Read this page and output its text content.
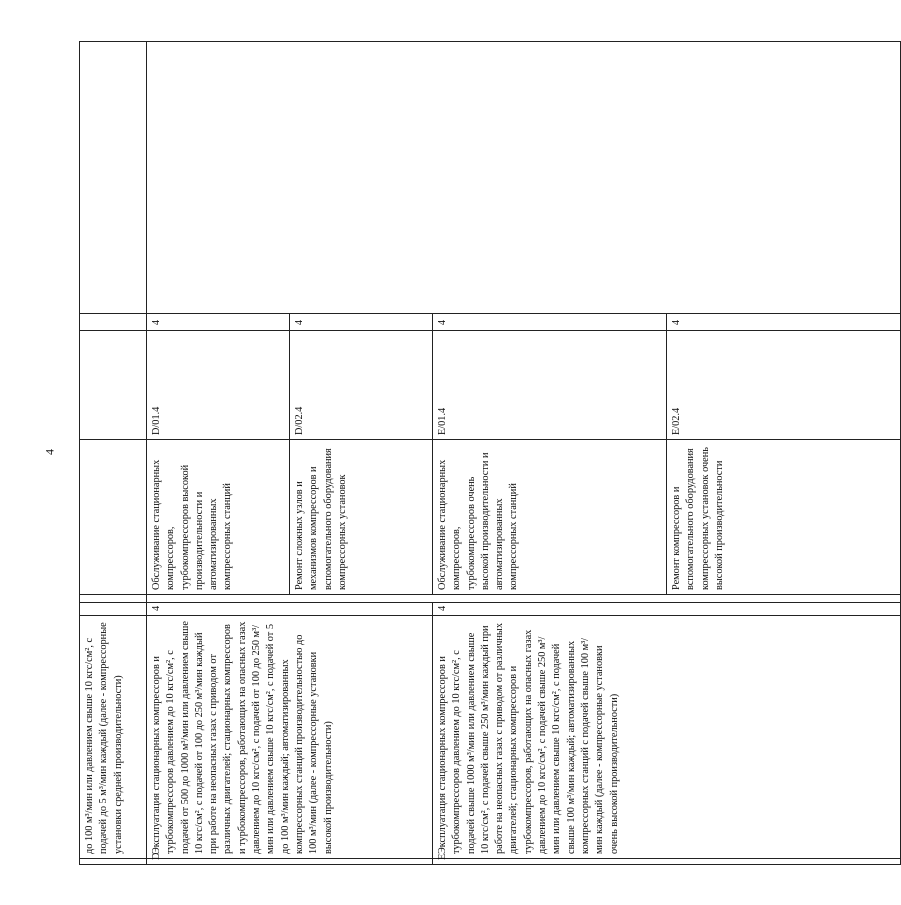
4
	до 100 м³/мин или давлением свыше 10 кгс/см², с подачей до 5 м³/мин каждый (далее - компрессорные установки средней производительности)						
D	Эксплуатация стационарных компрессоров и турбокомпрессоров давлением до 10 кгс/см², с подачей от 500 до 1000 м³/мин или давлением свыше 10 кгс/см², с подачей от 100 до 250 м³/мин каждый при работе на неопасных газах с приводом от различных двигателей; стационарных компрессоров и турбокомпрессоров, работающих на опасных газах давлением до 10 кгс/см², с подачей от 100 до 250 м³/мин или давлением свыше 10 кгс/см², с подачей от 5 до 100 м³/мин каждый; автоматизированных компрессорных станций производительностью до 100 м³/мин (далее - компрессорные установки высокой производительности)	4		Обслуживание стационарных компрессоров, турбокомпрессоров высокой производительности и автоматизированных компрессорных станций	D/01.4	4	
				Ремонт сложных узлов и механизмов компрессоров и вспомогательного оборудования компрессорных установок	D/02.4	4	
E	Эксплуатация стационарных компрессоров и турбокомпрессоров давлением до 10 кгс/см², с подачей свыше 1000 м³/мин или давлением свыше 10 кгс/см², с подачей свыше 250 м³/мин каждый при работе на неопасных газах с приводом от различных двигателей; стационарных компрессоров и турбокомпрессоров, работающих на опасных газах давлением до 10 кгс/см², с подачей свыше 250 м³/мин или давлением свыше 10 кгс/см², с подачей свыше 100 м³/мин каждый; автоматизированных компрессорных станций с подачей свыше 100 м³/мин каждый (далее - компрессорные установки очень высокой производительности)	4		Обслуживание стационарных компрессоров, турбокомпрессоров очень высокой производительности и автоматизированных компрессорных станций	E/01.4	4	
				Ремонт компрессоров и вспомогательного оборудования компрессорных установок очень высокой производительности	E/02.4	4	
